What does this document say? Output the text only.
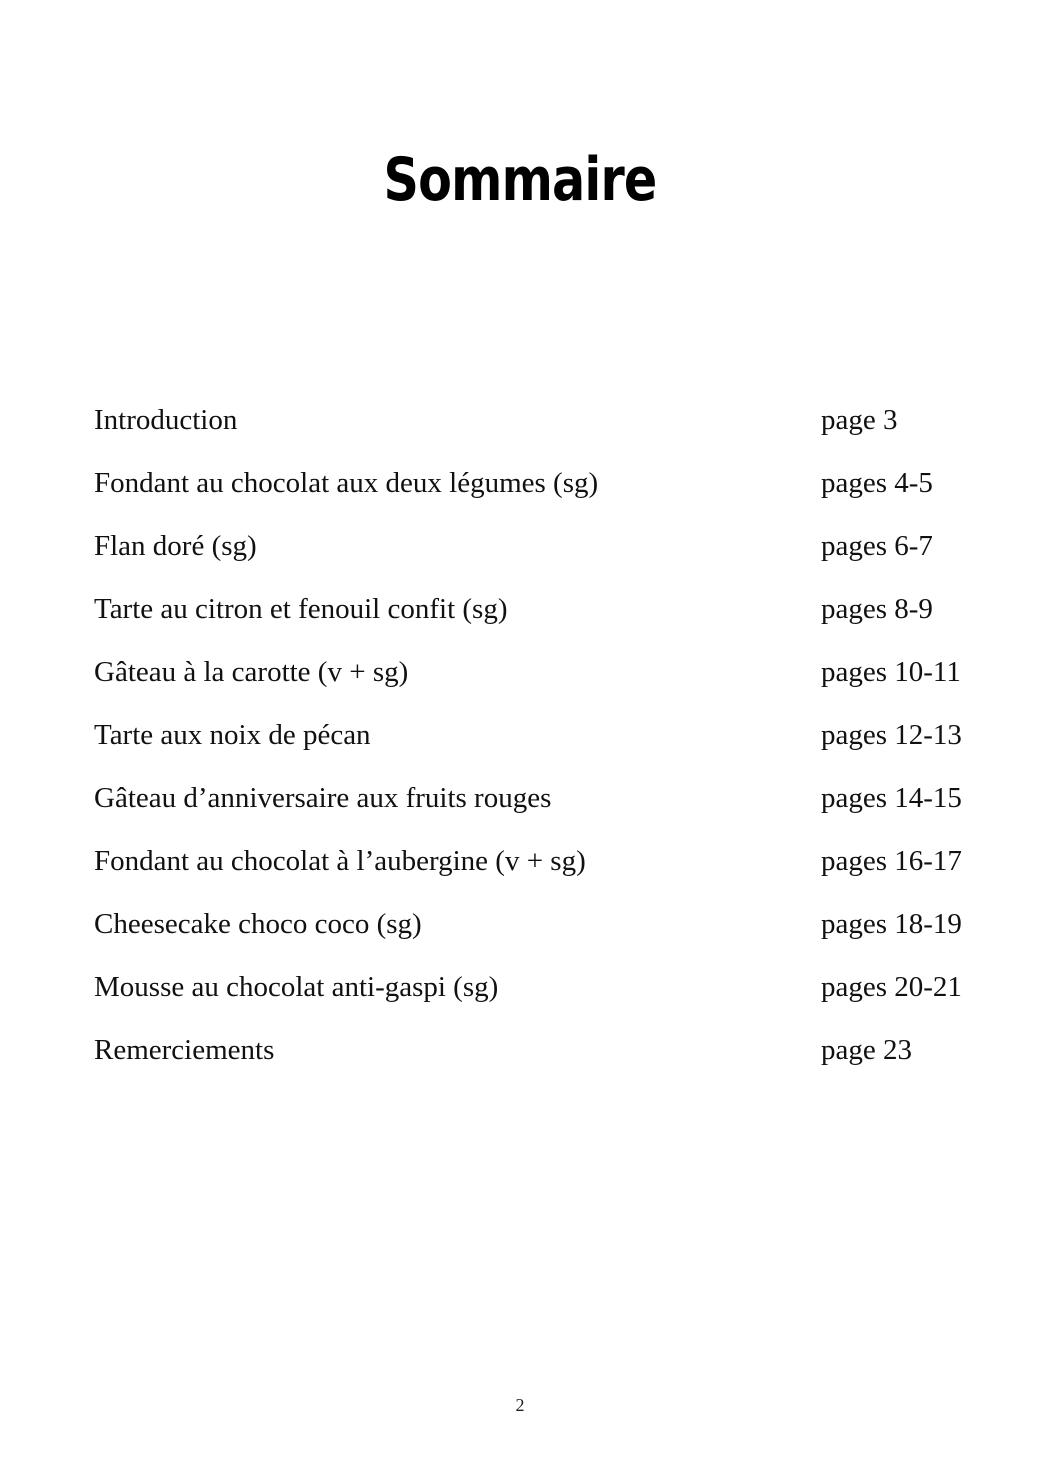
Sommaire
Introduction	page 3
Fondant au chocolat aux deux légumes (sg)	pages 4-5
Flan doré (sg)	pages 6-7
Tarte au citron et fenouil confit (sg)	pages 8-9
Gâteau à la carotte (v + sg)	pages 10-11
Tarte aux noix de pécan	pages 12-13
Gâteau d’anniversaire aux fruits rouges	pages 14-15
Fondant au chocolat à l’aubergine (v + sg)	pages 16-17
Cheesecake choco coco (sg)	pages 18-19
Mousse au chocolat anti-gaspi (sg)	pages 20-21
Remerciements	page 23
2
